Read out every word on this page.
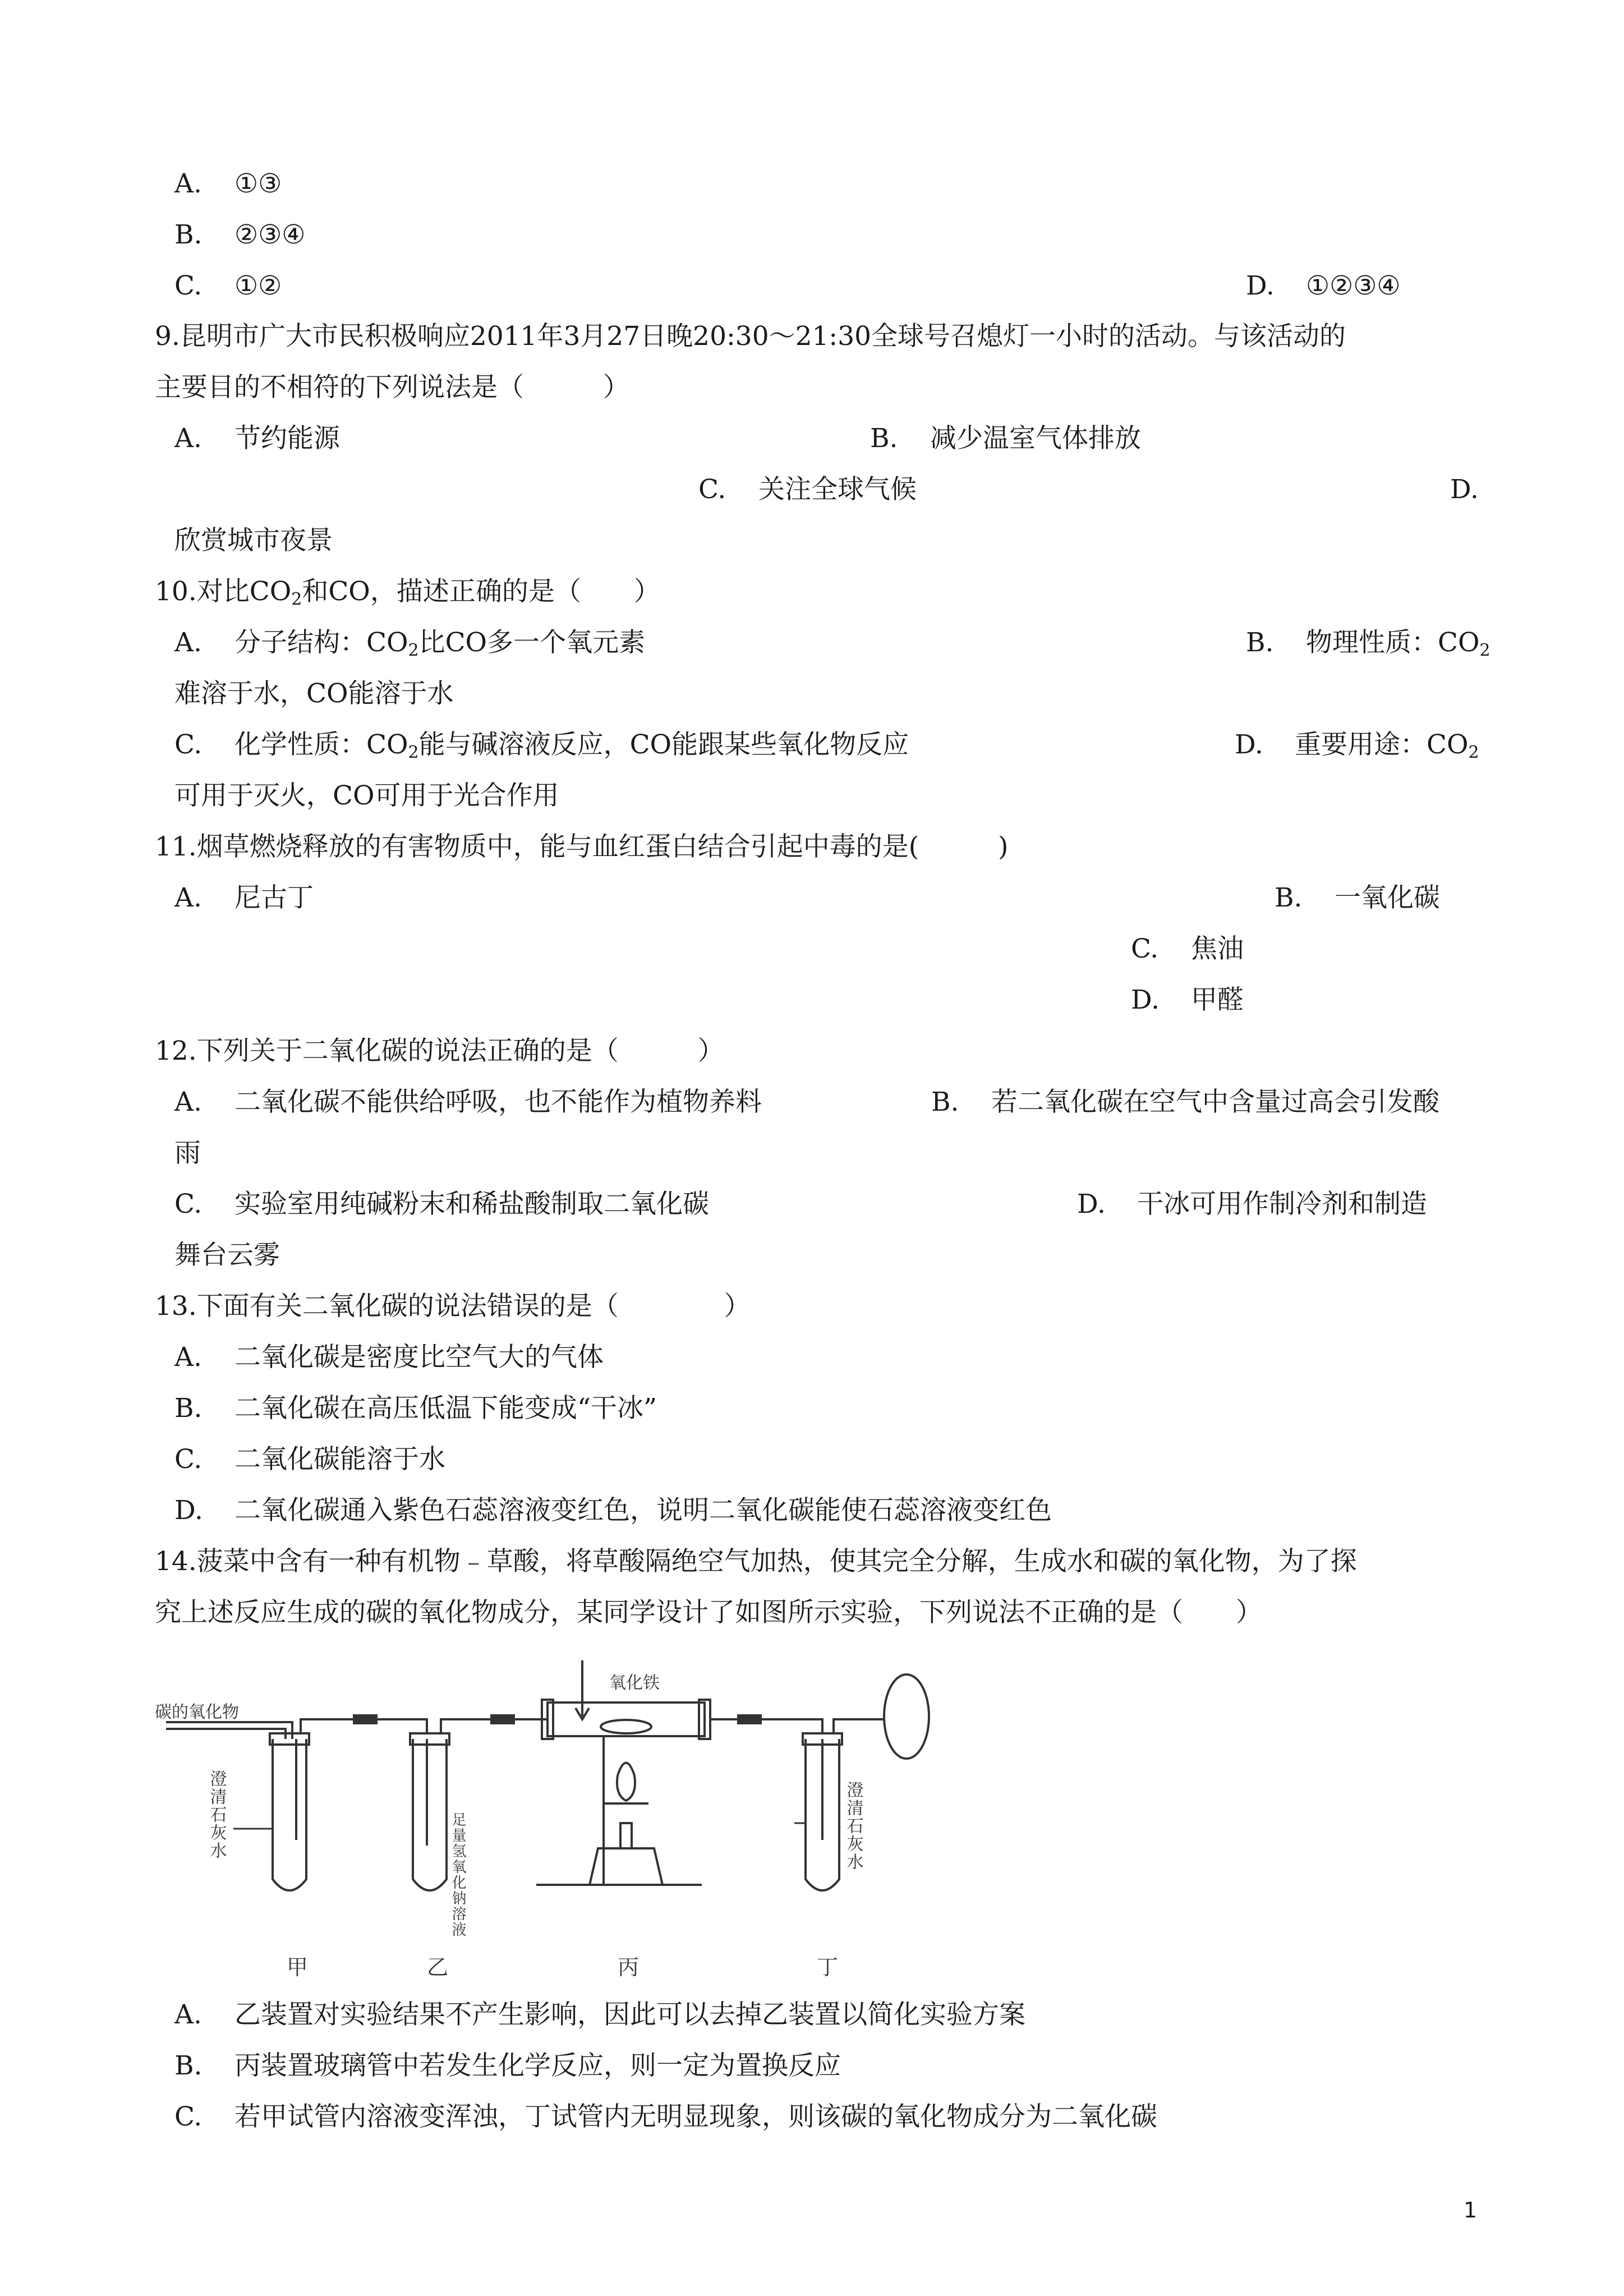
A. ①③
B. ②③④
C. ①②	D. ①②③④
9.昆明市广大市民积极响应2011年3月27日晚20:30～21:30全球号召熄灯一小时的活动。与该活动的
主要目的不相符的下列说法是（　　　）
A. 节约能源	B. 减少温室气体排放
C. 关注全球气候	D.
欣赏城市夜景
10.对比$CO_2$和CO，描述正确的是（　　）
A. 分子结构：$CO_2$比CO多一个氧元素	B. 物理性质：$CO_2$
难溶于水，CO能溶于水
C. 化学性质：$CO_2$能与碱溶液反应，CO能跟某些氧化物反应	D. 重要用途：$CO_2$
可用于灭火，CO可用于光合作用
11.烟草燃烧释放的有害物质中，能与血红蛋白结合引起中毒的是(　　　)
A. 尼古丁	B. 一氧化碳
C. 焦油
D. 甲醛
12.下列关于二氧化碳的说法正确的是（　　　）
A. 二氧化碳不能供给呼吸，也不能作为植物养料	B. 若二氧化碳在空气中含量过高会引发酸
雨
C. 实验室用纯碱粉末和稀盐酸制取二氧化碳	D. 干冰可用作制冷剂和制造
舞台云雾
13.下面有关二氧化碳的说法错误的是（　　　　）
A. 二氧化碳是密度比空气大的气体
B. 二氧化碳在高压低温下能变成“干冰”
C. 二氧化碳能溶于水
D. 二氧化碳通入紫色石蕊溶液变红色，说明二氧化碳能使石蕊溶液变红色
14.菠菜中含有一种有机物﹣草酸，将草酸隔绝空气加热，使其完全分解，生成水和碳的氧化物，为了探
究上述反应生成的碳的氧化物成分，某同学设计了如图所示实验，下列说法不正确的是（　　）
碳的氧化物
氧化铁
澄清石灰水	足量氢氧化钠溶液	澄清石灰水
甲	乙	丙	丁
A. 乙装置对实验结果不产生影响，因此可以去掉乙装置以简化实验方案
B. 丙装置玻璃管中若发生化学反应，则一定为置换反应
C. 若甲试管内溶液变浑浊，丁试管内无明显现象，则该碳的氧化物成分为二氧化碳
1
